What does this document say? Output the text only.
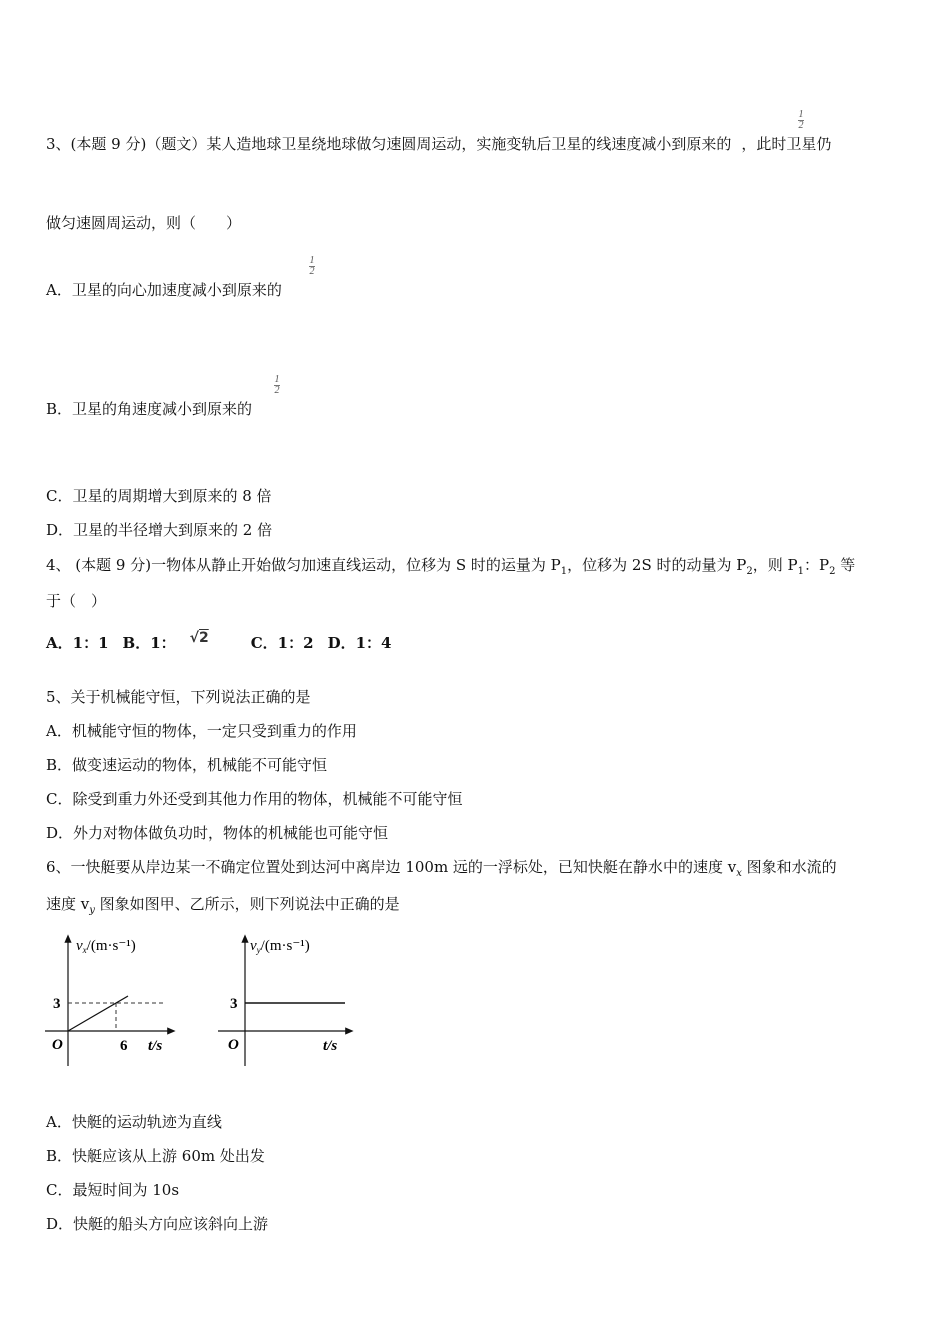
3、(本题 9 分)（题文）某人造地球卫星绕地球做匀速圆周运动，实施变轨后卫星的线速度减小到原来的 ，此时卫星仍
1
2
做匀速圆周运动，则（　　）
A．卫星的向心加速度减小到原来的
1
2
B．卫星的角速度减小到原来的
1
2
C．卫星的周期增大到原来的 8 倍
D．卫星的半径增大到原来的 2 倍
4、 (本题 9 分)一物体从静止开始做匀加速直线运动，位移为 S 时的运量为 $P_1$，位移为 2S 时的动量为 $P_2$，则 $P_1$：$P_2$ 等
于（　）
A．1：1 B．1： √2	C．1：2 D．1：4
5、关于机械能守恒，下列说法正确的是
A．机械能守恒的物体，一定只受到重力的作用
B．做变速运动的物体，机械能不可能守恒
C．除受到重力外还受到其他力作用的物体，机械能不可能守恒
D．外力对物体做负功时，物体的机械能也可能守恒
6、一快艇要从岸边某一不确定位置处到达河中离岸边 100m 远的一浮标处，已知快艇在静水中的速度 $v_x$ 图象和水流的
速度 $v_y$ 图象如图甲、乙所示，则下列说法中正确的是
$v_x/(m\cdot s^{-1})$
3
6
O	t/s
$v_y/(m\cdot s^{-1})$
3
O	t/s
A．快艇的运动轨迹为直线
B．快艇应该从上游 60m 处出发
C．最短时间为 10s
D．快艇的船头方向应该斜向上游
